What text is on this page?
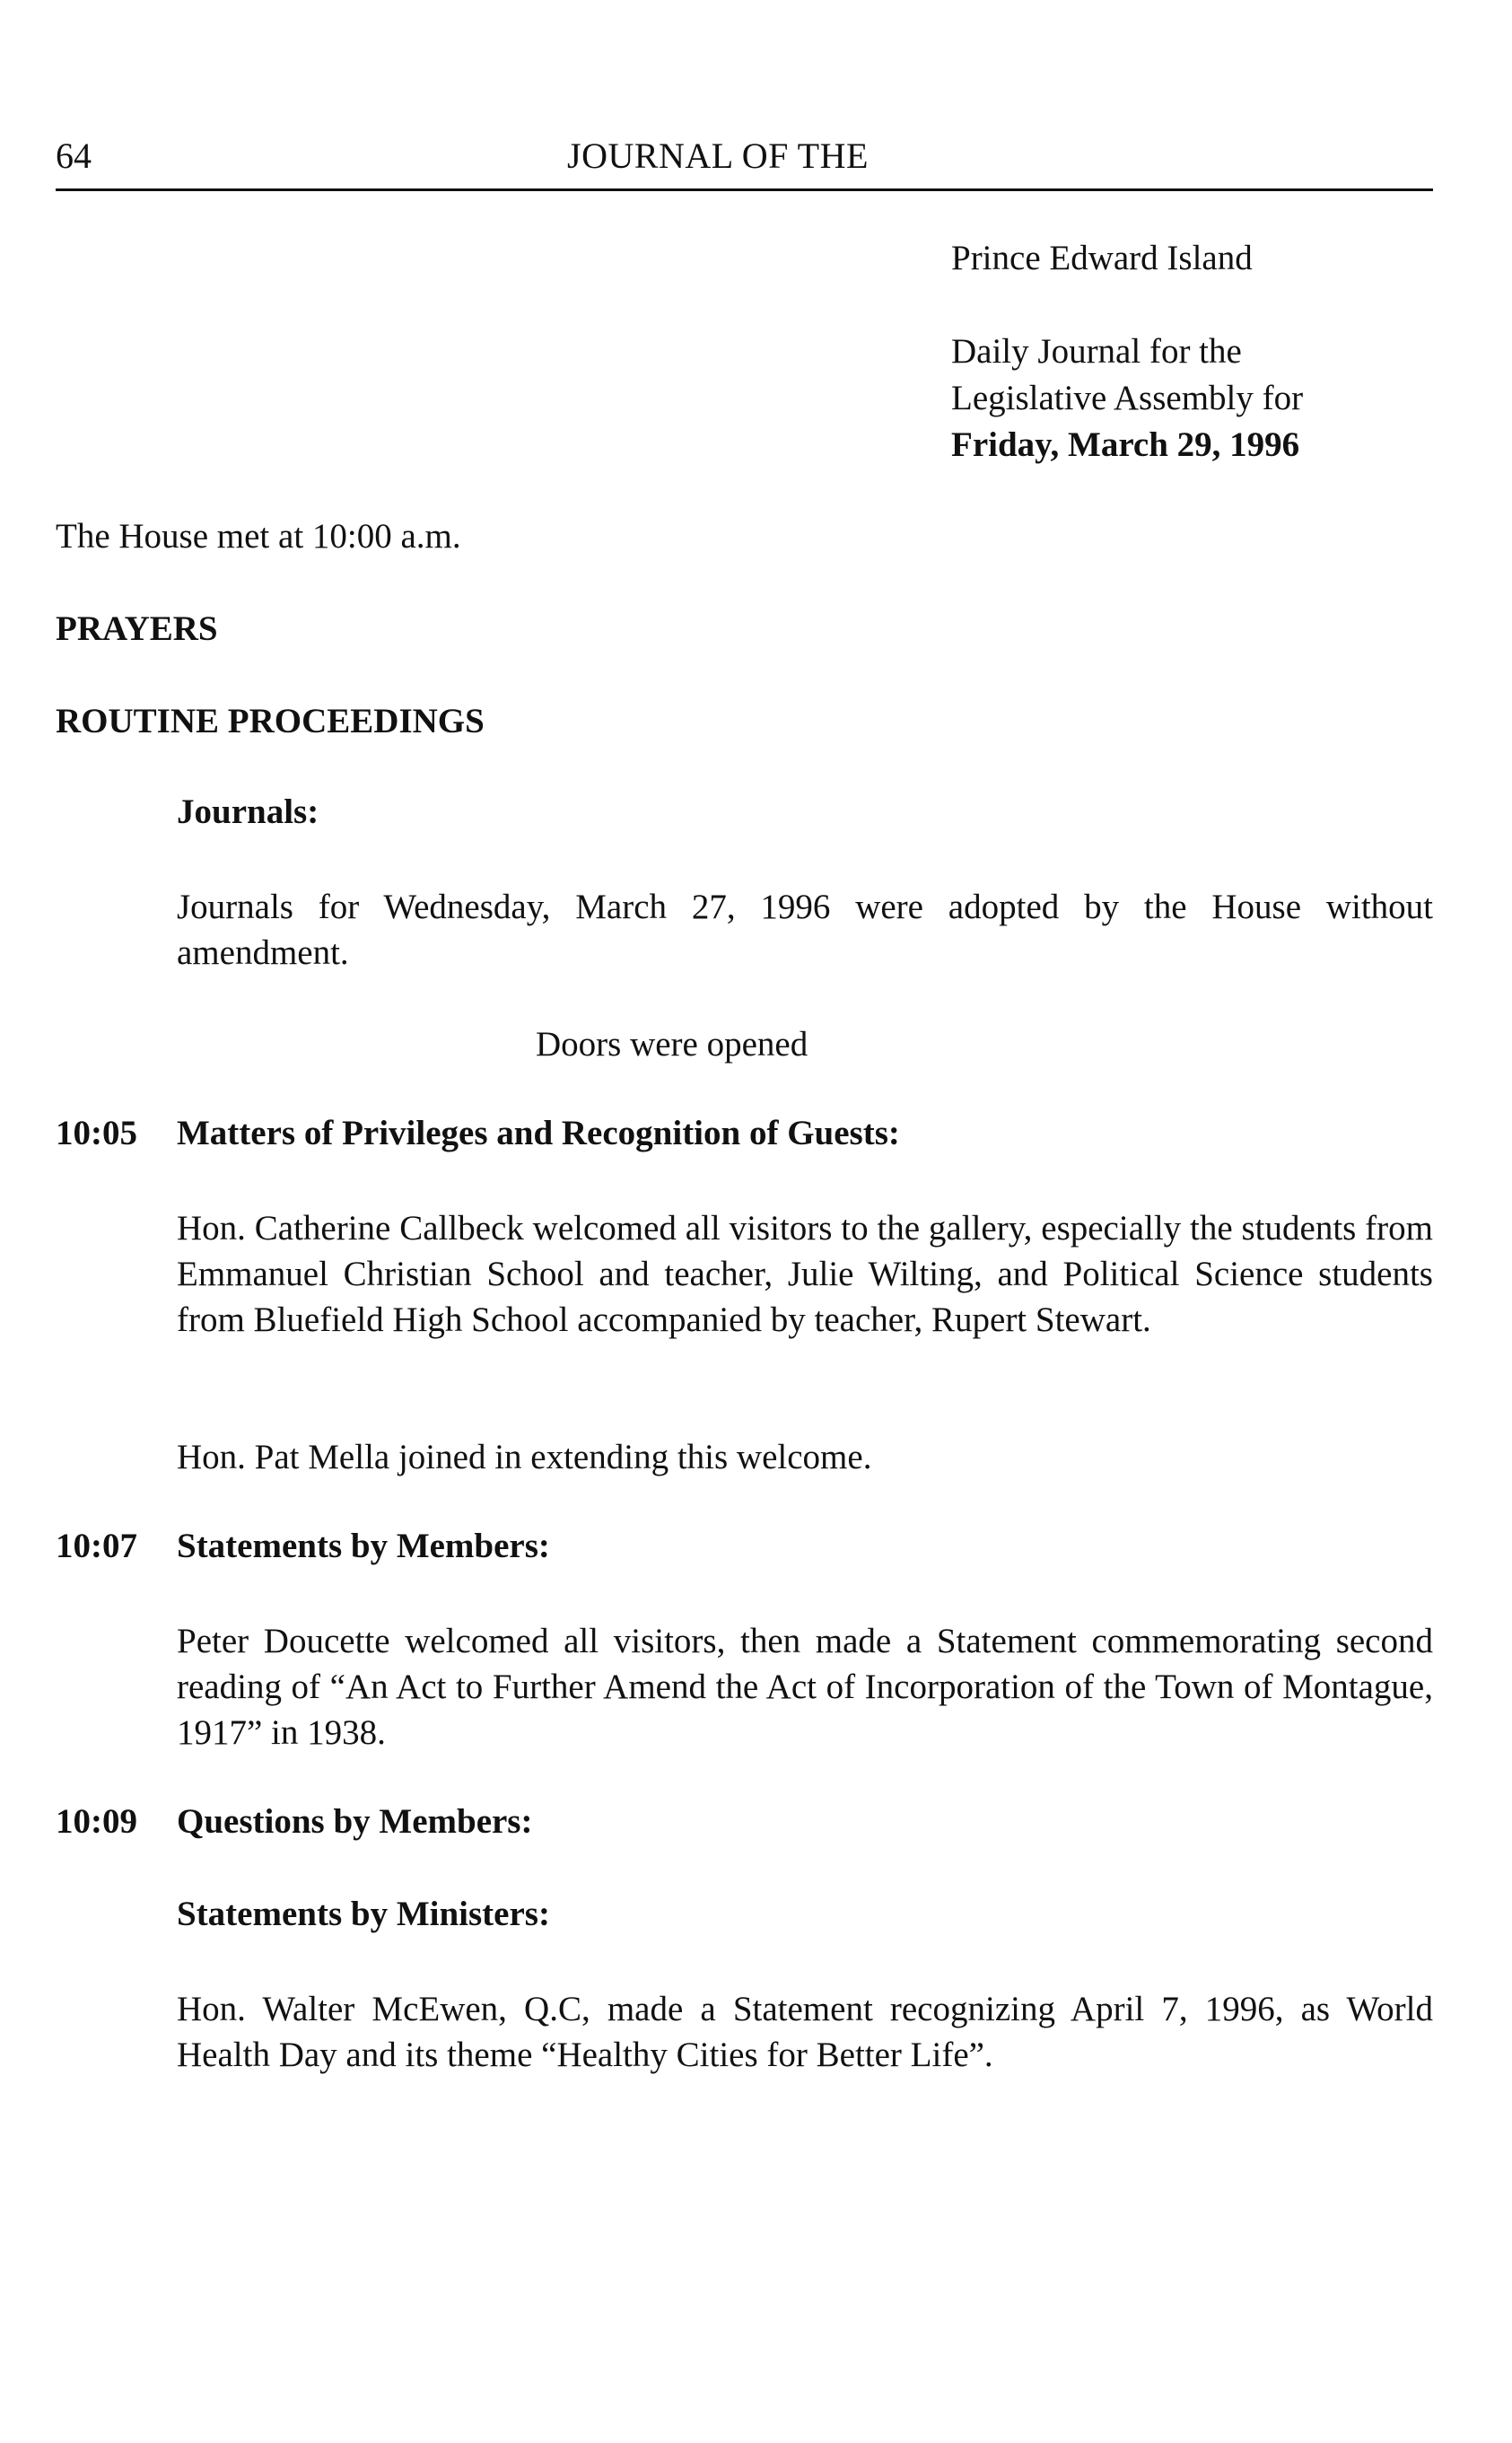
64	JOURNAL OF THE
Prince Edward Island
Daily Journal for the
Legislative Assembly for
Friday, March 29, 1996
The House met at 10:00 a.m.
PRAYERS
ROUTINE PROCEEDINGS
Journals:
Journals for Wednesday, March 27, 1996 were adopted by the House without amendment.
Doors were opened
10:05 Matters of Privileges and Recognition of Guests:
Hon. Catherine Callbeck welcomed all visitors to the gallery, especially the students from Emmanuel Christian School and teacher, Julie Wilting, and Political Science students from Bluefield High School accompanied by teacher, Rupert Stewart.
Hon. Pat Mella joined in extending this welcome.
10:07 Statements by Members:
Peter Doucette welcomed all visitors, then made a Statement commemorating second reading of “An Act to Further Amend the Act of Incorporation of the Town of Montague, 1917” in 1938.
10:09 Questions by Members:
Statements by Ministers:
Hon. Walter McEwen, Q.C, made a Statement recognizing April 7, 1996, as World Health Day and its theme “Healthy Cities for Better Life”.
